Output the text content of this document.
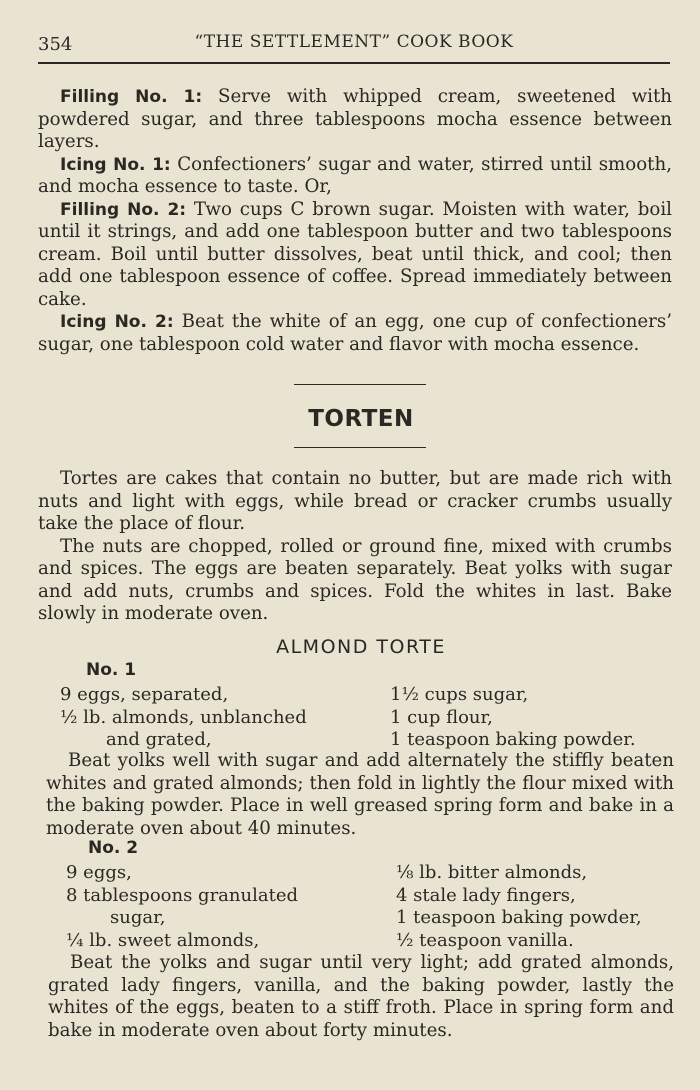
354	“THE SETTLEMENT” COOK BOOK

Filling No. 1: Serve with whipped cream, sweetened with powdered sugar, and three tablespoons mocha essence between layers.

Icing No. 1: Confectioners’ sugar and water, stirred until smooth, and mocha essence to taste. Or,

Filling No. 2: Two cups C brown sugar. Moisten with water, boil until it strings, and add one tablespoon butter and two tablespoons cream. Boil until butter dissolves, beat until thick, and cool; then add one tablespoon essence of coffee. Spread immediately between cake.

Icing No. 2: Beat the white of an egg, one cup of confectioners’ sugar, one tablespoon cold water and flavor with mocha essence.

TORTEN

Tortes are cakes that contain no butter, but are made rich with nuts and light with eggs, while bread or cracker crumbs usually take the place of flour.

The nuts are chopped, rolled or ground fine, mixed with crumbs and spices. The eggs are beaten separately. Beat yolks with sugar and add nuts, crumbs and spices. Fold the whites in last. Bake slowly in moderate oven.

ALMOND TORTE
No. 1
9 eggs, separated,	1½ cups sugar,
½ lb. almonds, unblanched	1 cup flour,
and grated,	1 teaspoon baking powder.

Beat yolks well with sugar and add alternately the stiffly beaten whites and grated almonds; then fold in lightly the flour mixed with the baking powder. Place in well greased spring form and bake in a moderate oven about 40 minutes.

No. 2
9 eggs,	⅛ lb. bitter almonds,
8 tablespoons granulated	4 stale lady fingers,
sugar,	1 teaspoon baking powder,
¼ lb. sweet almonds,	½ teaspoon vanilla.

Beat the yolks and sugar until very light; add grated almonds, grated lady fingers, vanilla, and the baking powder, lastly the whites of the eggs, beaten to a stiff froth. Place in spring form and bake in moderate oven about forty minutes.
